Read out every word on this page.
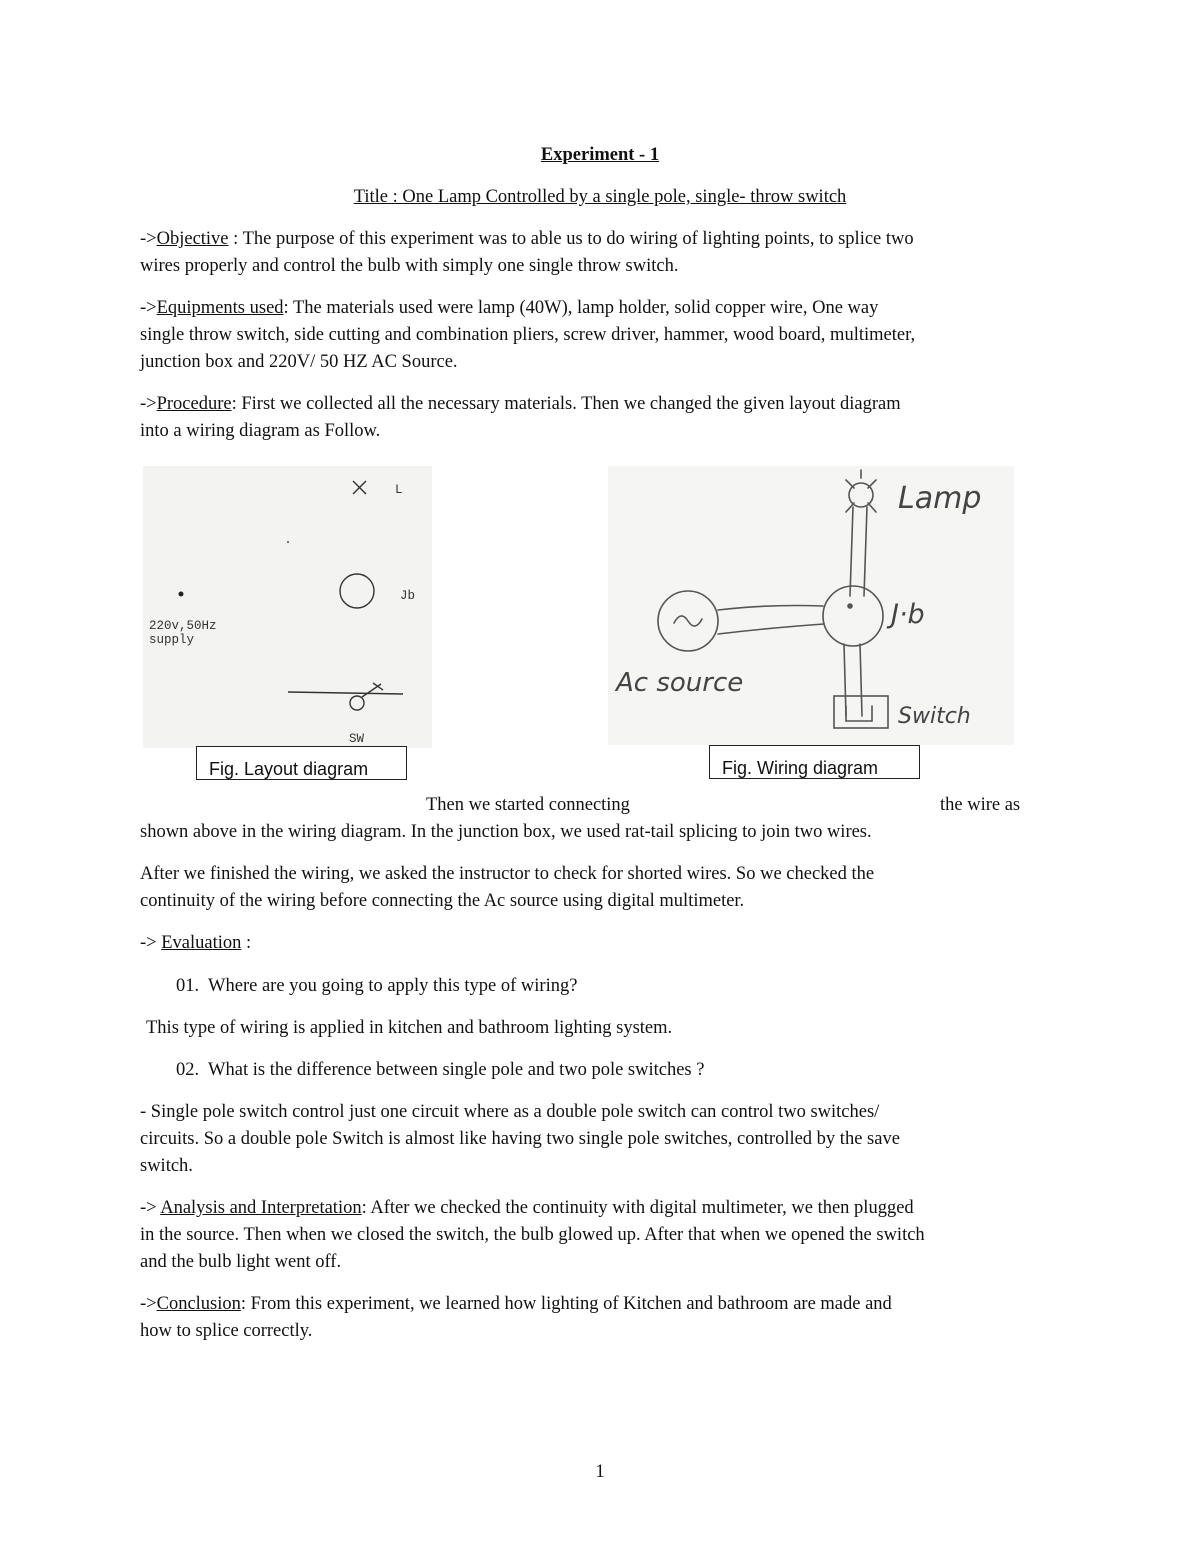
Experiment - 1
Title : One Lamp Controlled by a single pole, single- throw switch
->Objective : The purpose of this experiment was to able us to do wiring of lighting points, to splice two
wires properly and control the bulb with simply one single throw switch.
->Equipments used: The materials used were lamp (40W), lamp holder, solid copper wire, One way
single throw switch, side cutting and combination pliers, screw driver, hammer, wood board, multimeter,
junction box and 220V/ 50 HZ AC Source.
->Procedure: First we collected all the necessary materials. Then we changed the given layout diagram
into a wiring diagram as Follow.
L
Jb
220v,50Hz
supply
SW
Fig. Layout diagram
Lamp
J·b
Ac source
Switch
Fig. Wiring diagram
Then we started connecting	the wire as
shown above in the wiring diagram. In the junction box, we used rat-tail splicing to join two wires.
After we finished the wiring, we asked the instructor to check for shorted wires. So we checked the
continuity of the wiring before connecting the Ac source using digital multimeter.
-> Evaluation :
01. Where are you going to apply this type of wiring?
This type of wiring is applied in kitchen and bathroom lighting system.
02. What is the difference between single pole and two pole switches ?
- Single pole switch control just one circuit where as a double pole switch can control two switches/
circuits. So a double pole Switch is almost like having two single pole switches, controlled by the save
switch.
-> Analysis and Interpretation: After we checked the continuity with digital multimeter, we then plugged
in the source. Then when we closed the switch, the bulb glowed up. After that when we opened the switch
and the bulb light went off.
->Conclusion: From this experiment, we learned how lighting of Kitchen and bathroom are made and
how to splice correctly.
1
